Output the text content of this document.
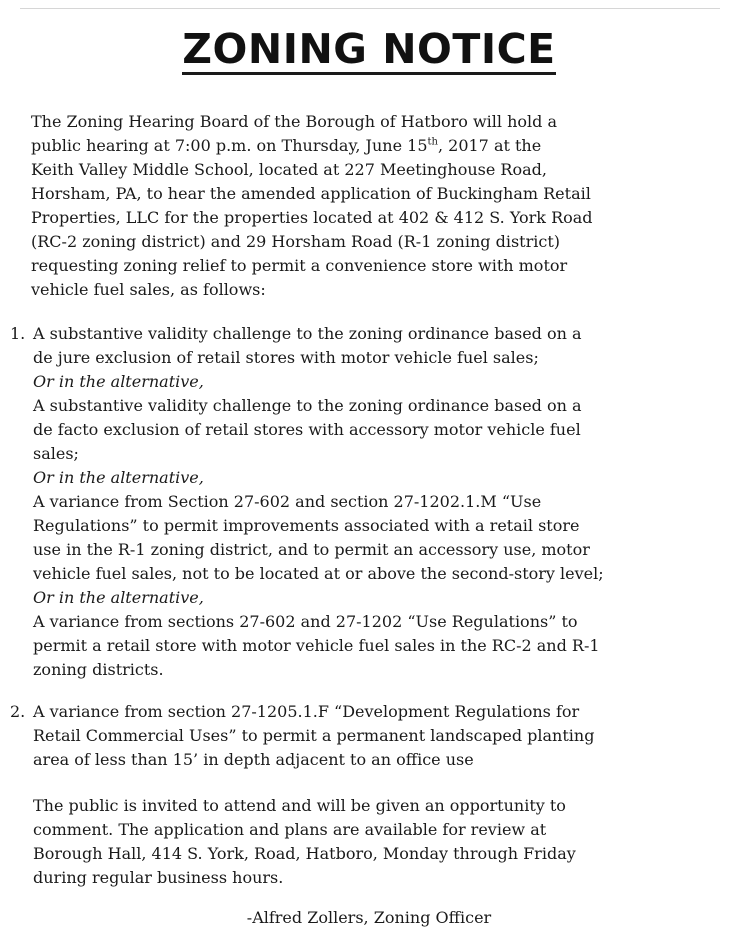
ZONING NOTICE
The Zoning Hearing Board of the Borough of Hatboro will hold a
public hearing at 7:00 p.m. on Thursday, June 15th, 2017 at the
Keith Valley Middle School, located at 227 Meetinghouse Road,
Horsham, PA, to hear the amended application of Buckingham Retail
Properties, LLC for the properties located at 402 & 412 S. York Road
(RC-2 zoning district) and 29 Horsham Road (R-1 zoning district)
requesting zoning relief to permit a convenience store with motor
vehicle fuel sales, as follows:
1. A substantive validity challenge to the zoning ordinance based on a
de jure exclusion of retail stores with motor vehicle fuel sales;
Or in the alternative,
A substantive validity challenge to the zoning ordinance based on a
de facto exclusion of retail stores with accessory motor vehicle fuel
sales;
Or in the alternative,
A variance from Section 27-602 and section 27-1202.1.M “Use
Regulations” to permit improvements associated with a retail store
use in the R-1 zoning district, and to permit an accessory use, motor
vehicle fuel sales, not to be located at or above the second-story level;
Or in the alternative,
A variance from sections 27-602 and 27-1202 “Use Regulations” to
permit a retail store with motor vehicle fuel sales in the RC-2 and R-1
zoning districts.
2. A variance from section 27-1205.1.F “Development Regulations for
Retail Commercial Uses” to permit a permanent landscaped planting
area of less than 15’ in depth adjacent to an office use
The public is invited to attend and will be given an opportunity to
comment. The application and plans are available for review at
Borough Hall, 414 S. York, Road, Hatboro, Monday through Friday
during regular business hours.
-Alfred Zollers, Zoning Officer
